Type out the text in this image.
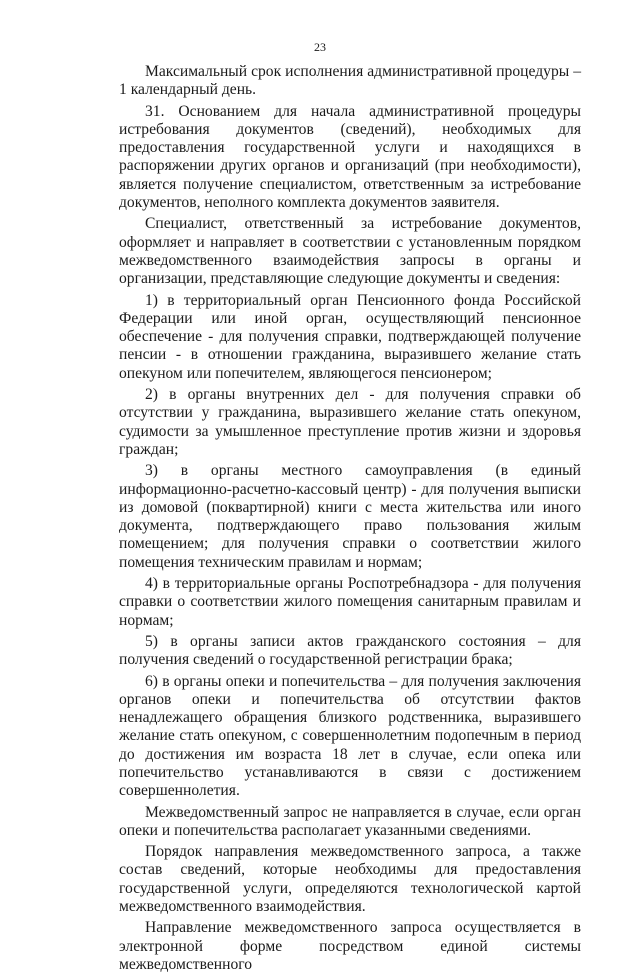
23

Максимальный срок исполнения административной процедуры – 1 календарный день.

31. Основанием для начала административной процедуры истребования документов (сведений), необходимых для предоставления государственной услуги и находящихся в распоряжении других органов и организаций (при необходимости), является получение специалистом, ответственным за истребование документов, неполного комплекта документов заявителя.

Специалист, ответственный за истребование документов, оформляет и направляет в соответствии с установленным порядком межведомственного взаимодействия запросы в органы и организации, представляющие следующие документы и сведения:

1) в территориальный орган Пенсионного фонда Российской Федерации или иной орган, осуществляющий пенсионное обеспечение - для получения справки, подтверждающей получение пенсии - в отношении гражданина, выразившего желание стать опекуном или попечителем, являющегося пенсионером;

2) в органы внутренних дел - для получения справки об отсутствии у гражданина, выразившего желание стать опекуном, судимости за умышленное преступление против жизни и здоровья граждан;

3) в органы местного самоуправления (в единый информационно-расчетно-кассовый центр) - для получения выписки из домовой (поквартирной) книги с места жительства или иного документа, подтверждающего право пользования жилым помещением; для получения справки о соответствии жилого помещения техническим правилам и нормам;

4) в территориальные органы Роспотребнадзора - для получения справки о соответствии жилого помещения санитарным правилам и нормам;

5) в органы записи актов гражданского состояния – для получения сведений о государственной регистрации брака;

6) в органы опеки и попечительства – для получения заключения органов опеки и попечительства об отсутствии фактов ненадлежащего обращения близкого родственника, выразившего желание стать опекуном, с совершеннолетним подопечным в период до достижения им возраста 18 лет в случае, если опека или попечительство устанавливаются в связи с достижением совершеннолетия.

Межведомственный запрос не направляется в случае, если орган опеки и попечительства располагает указанными сведениями.

Порядок направления межведомственного запроса, а также состав сведений, которые необходимы для предоставления государственной услуги, определяются технологической картой межведомственного взаимодействия.

Направление межведомственного запроса осуществляется в электронной форме посредством единой системы межведомственного
